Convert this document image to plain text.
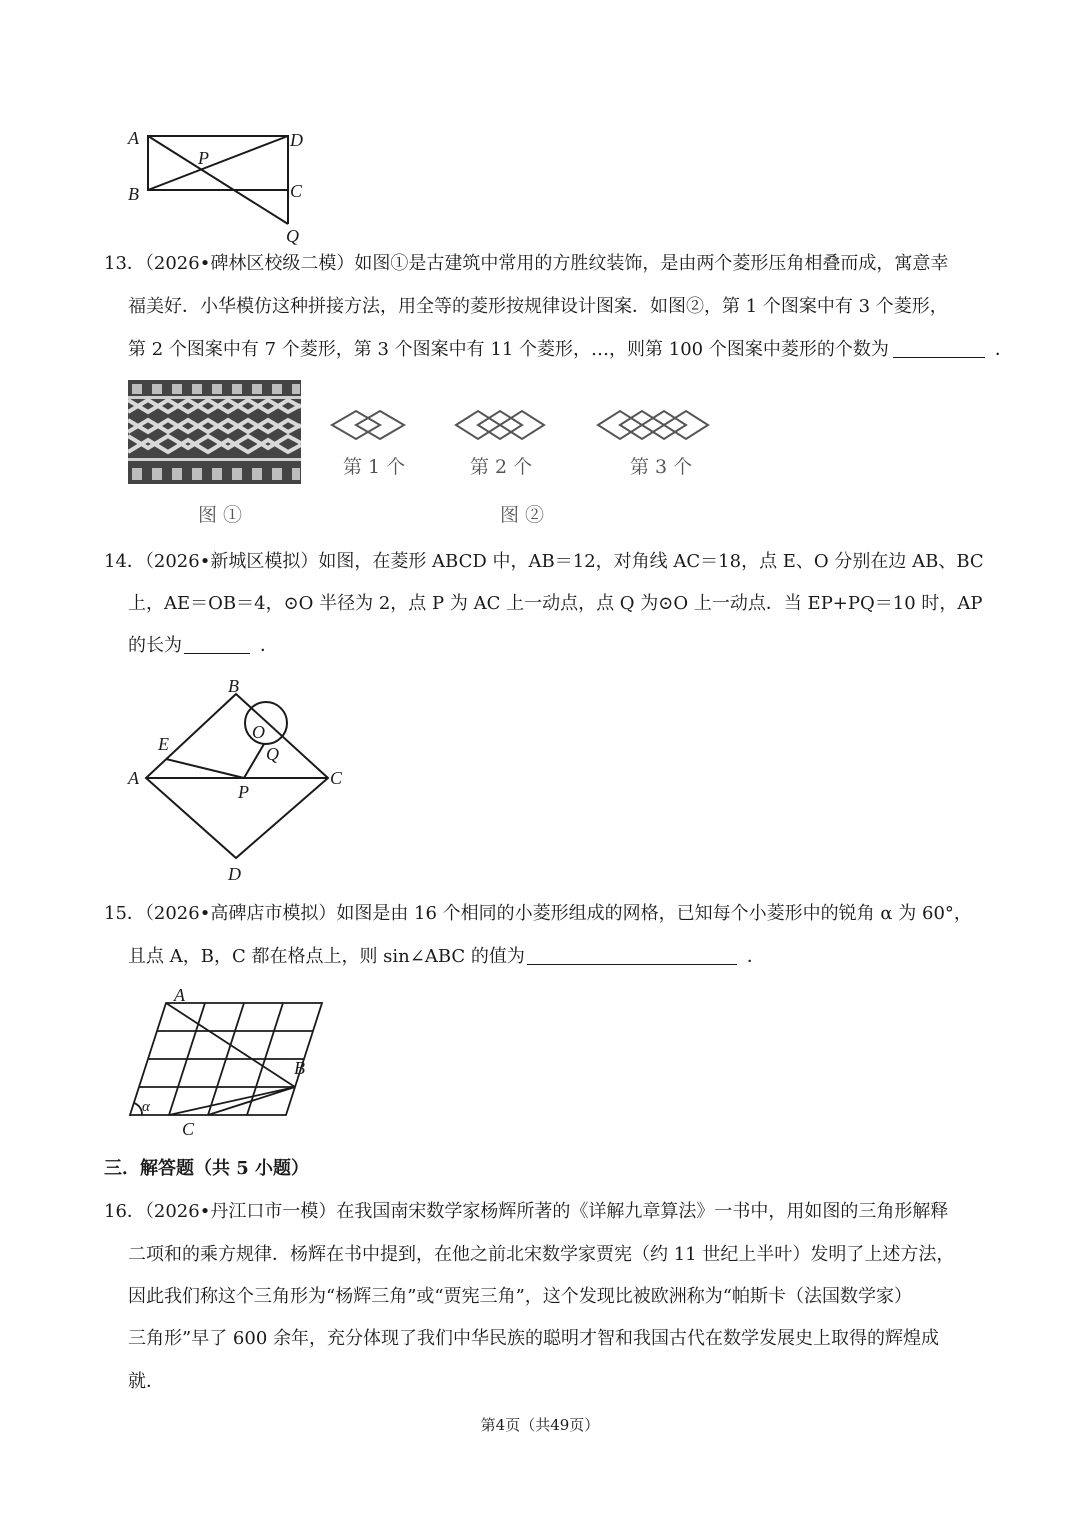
A	D
P
B	C
Q
13．（2026•碑林区校级二模）如图①是古建筑中常用的方胜纹装饰，是由两个菱形压角相叠而成，寓意幸
福美好．小华模仿这种拼接方法，用全等的菱形按规律设计图案．如图②，第 1 个图案中有 3 个菱形，
第 2 个图案中有 7 个菱形，第 3 个图案中有 11 个菱形，…，则第 100 个图案中菱形的个数为	．
第 1 个	第 2 个	第 3 个
图 ①	图 ②
14．（2026•新城区模拟）如图，在菱形 ABCD 中，AB＝12，对角线 AC＝18，点 E、O 分别在边 AB、BC
上，AE＝OB＝4，⊙O 半径为 2，点 P 为 AC 上一动点，点 Q 为⊙O 上一动点．当 EP+PQ＝10 时，AP
的长为	．
B
E
O
Q
A
P
C
D
15．（2026•高碑店市模拟）如图是由 16 个相同的小菱形组成的网格，已知每个小菱形中的锐角 α 为 60°，
且点 A，B，C 都在格点上，则 sin∠ABC 的值为	．
A
B
C
α
三．解答题（共 5 小题）
16．（2026•丹江口市一模）在我国南宋数学家杨辉所著的《详解九章算法》一书中，用如图的三角形解释
二项和的乘方规律．杨辉在书中提到，在他之前北宋数学家贾宪（约 11 世纪上半叶）发明了上述方法，
因此我们称这个三角形为“杨辉三角”或“贾宪三角”，这个发现比被欧洲称为“帕斯卡（法国数学家）
三角形”早了 600 余年，充分体现了我们中华民族的聪明才智和我国古代在数学发展史上取得的辉煌成
就．
第4页（共49页）
